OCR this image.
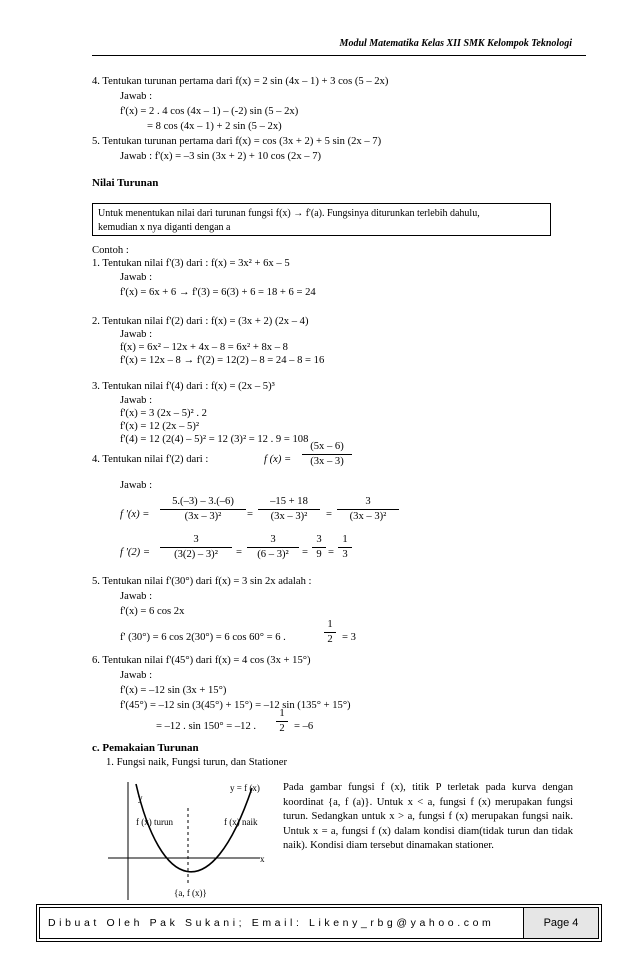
Modul Matematika Kelas XII SMK Kelompok Teknologi
4. Tentukan turunan pertama dari f(x) = 2 sin (4x – 1) + 3 cos (5 – 2x)
Jawab :
f'(x) = 2 . 4 cos (4x – 1) – (-2) sin (5 – 2x)
= 8 cos (4x – 1) + 2 sin (5 – 2x)
5. Tentukan turunan pertama dari f(x) = cos (3x + 2) + 5 sin (2x – 7)
Jawab : f'(x) = –3 sin (3x + 2) + 10 cos (2x – 7)
Nilai Turunan
Untuk menentukan nilai dari turunan fungsi f(x) → f'(a). Fungsinya diturunkan terlebih dahulu,
kemudian x nya diganti dengan a
Contoh :
1. Tentukan nilai f'(3) dari : f(x) = 3x² + 6x – 5
Jawab :
f'(x) = 6x + 6 → f'(3) = 6(3) + 6 = 18 + 6 = 24
2. Tentukan nilai f'(2) dari : f(x) = (3x + 2) (2x – 4)
Jawab :
f(x) = 6x² – 12x + 4x – 8 = 6x² + 8x – 8
f'(x) = 12x – 8 → f'(2) = 12(2) – 8 = 24 – 8 = 16
3. Tentukan nilai f'(4) dari : f(x) = (2x – 5)³
Jawab :
f'(x) = 3 (2x – 5)² . 2
f'(x) = 12 (2x – 5)²
f'(4) = 12 (2(4) – 5)² = 12 (3)² = 12 . 9 = 108
4. Tentukan nilai f'(2) dari :	f (x) =
(5x – 6)
(3x – 3)
Jawab :
f '(x) =
5.(–3) – 3.(–6)
(3x – 3)²	=
–15 + 18
(3x – 3)²	=
3
(3x – 3)²
f '(2) =
3
(3(2) – 3)²	=
3
(6 – 3)²	=
3
9 =
1
3
5. Tentukan nilai f'(30°) dari f(x) = 3 sin 2x adalah :
Jawab :
f'(x) = 6 cos 2x
f' (30°) = 6 cos 2(30°) = 6 cos 60° = 6 .
1
2 = 3
6. Tentukan nilai f'(45°) dari f(x) = 4 cos (3x + 15°)
Jawab :
f'(x) = –12 sin (3x + 15°)
f'(45°) = –12 sin (3(45°) + 15°) = –12 sin (135° + 15°)
= –12 . sin 150° = –12 .
1
2 = –6
c. Pemakaian Turunan
1. Fungsi naik, Fungsi turun, dan Stationer
y
x
y = f (x)
f (x) turun	f (x) naik
{a, f (x)}
Pada gambar fungsi f (x), titik P terletak pada kurva dengan koordinat {a, f (a)}. Untuk x < a, fungsi f (x) merupakan fungsi turun. Sedangkan untuk x > a, fungsi f (x) merupakan fungsi naik. Untuk x = a, fungsi f (x) dalam kondisi diam(tidak turun dan tidak naik). Kondisi diam tersebut dinamakan stationer.
Dibuat Oleh Pak Sukani; Email: Likeny_rbg@yahoo.com	Page 4
